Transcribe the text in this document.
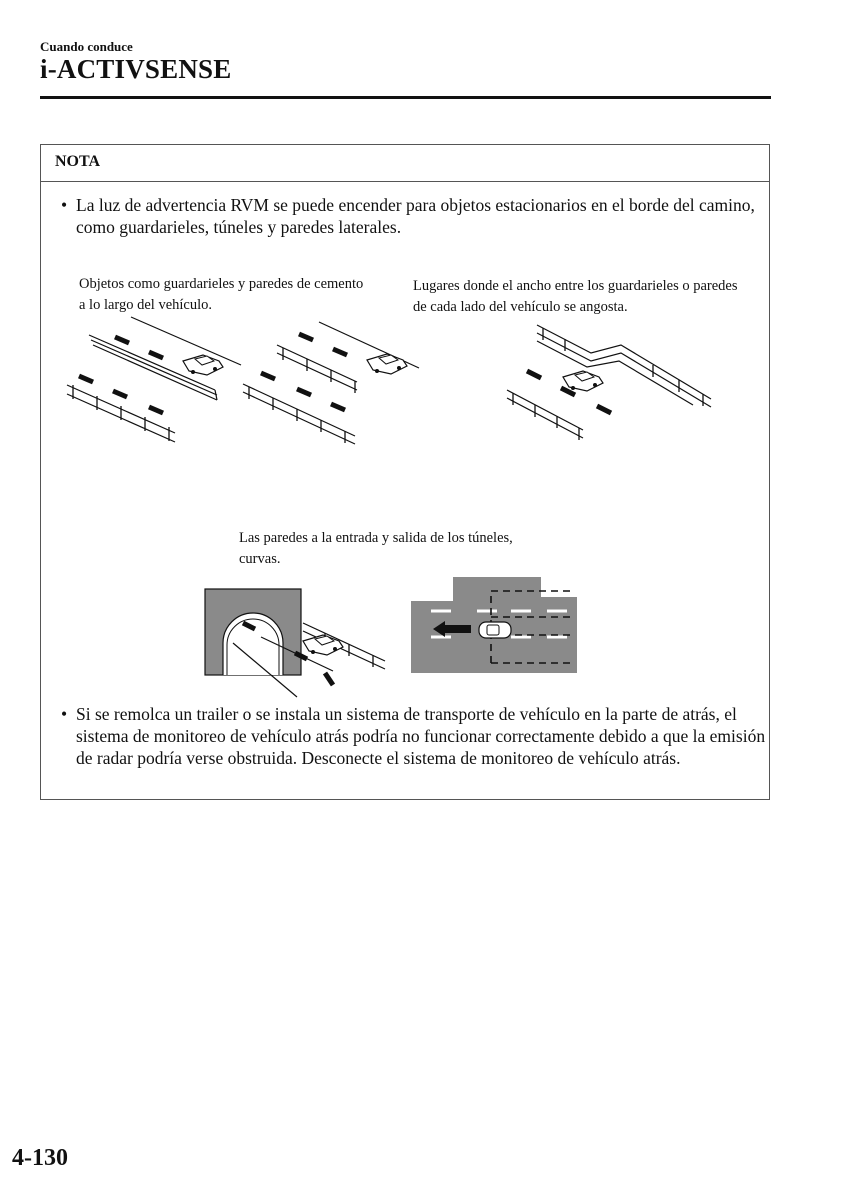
Cuando conduce
i-ACTIVSENSE
NOTA
• La luz de advertencia RVM se puede encender para objetos estacionarios en el borde del camino, como guardarieles, túneles y paredes laterales.
Objetos como guardarieles y paredes de cemento a lo largo del vehículo.
Lugares donde el ancho entre los guardarieles o paredes de cada lado del vehículo se angosta.
Las paredes a la entrada y salida de los túneles, curvas.
• Si se remolca un trailer o se instala un sistema de transporte de vehículo en la parte de atrás, el sistema de monitoreo de vehículo atrás podría no funcionar correctamente debido a que la emisión de radar podría verse obstruida. Desconecte el sistema de monitoreo de vehículo atrás.
4-130
